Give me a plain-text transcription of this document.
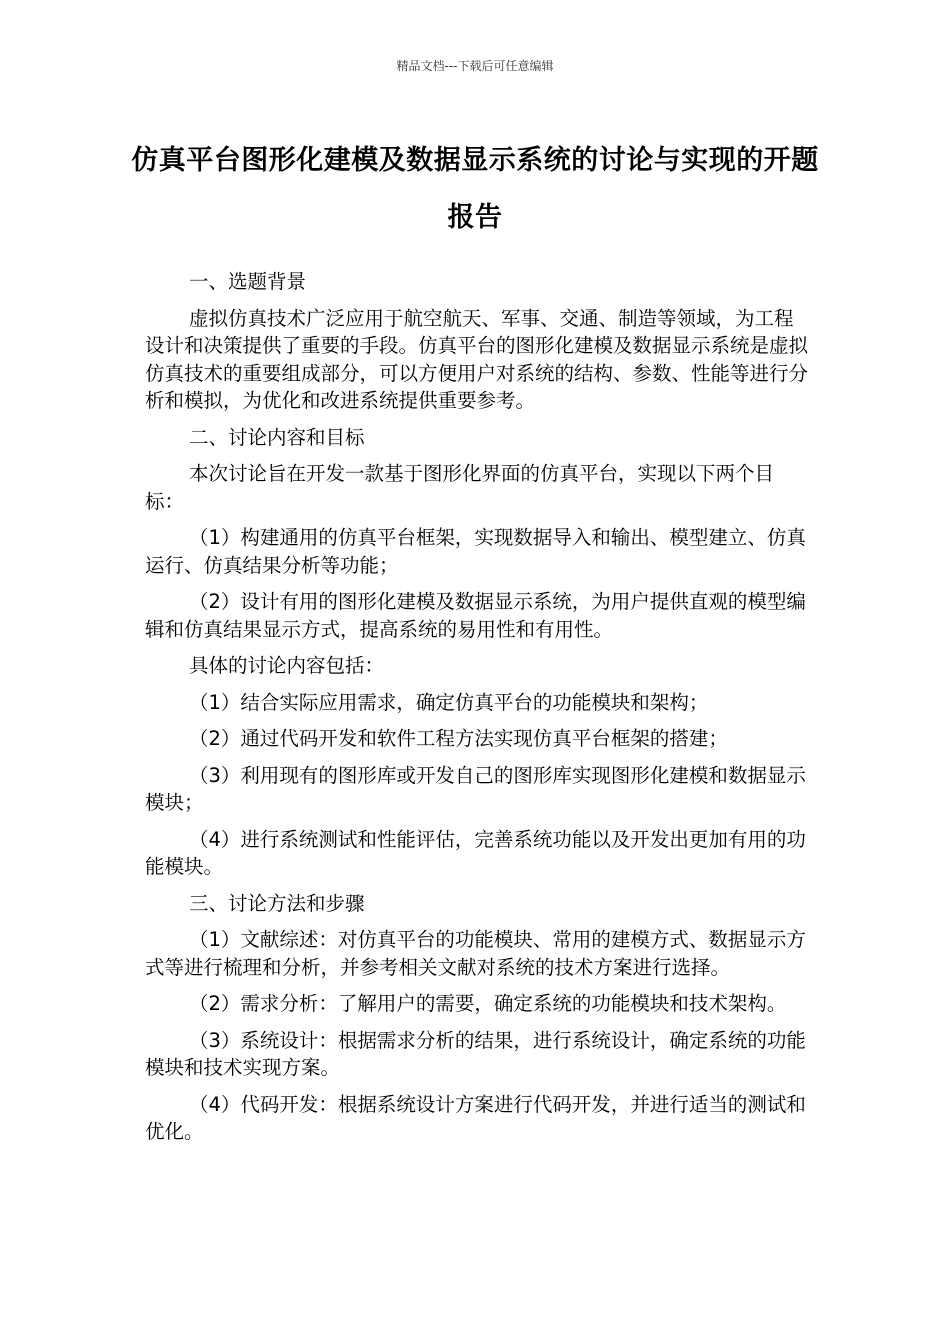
精品文档---下载后可任意编辑
仿真平台图形化建模及数据显示系统的讨论与实现的开题报告

一、选题背景

虚拟仿真技术广泛应用于航空航天、军事、交通、制造等领域，为工程设计和决策提供了重要的手段。仿真平台的图形化建模及数据显示系统是虚拟仿真技术的重要组成部分，可以方便用户对系统的结构、参数、性能等进行分析和模拟，为优化和改进系统提供重要参考。

二、讨论内容和目标

本次讨论旨在开发一款基于图形化界面的仿真平台，实现以下两个目标：

（1）构建通用的仿真平台框架，实现数据导入和输出、模型建立、仿真运行、仿真结果分析等功能；

（2）设计有用的图形化建模及数据显示系统，为用户提供直观的模型编辑和仿真结果显示方式，提高系统的易用性和有用性。

具体的讨论内容包括：

（1）结合实际应用需求，确定仿真平台的功能模块和架构；

（2）通过代码开发和软件工程方法实现仿真平台框架的搭建；

（3）利用现有的图形库或开发自己的图形库实现图形化建模和数据显示模块；

（4）进行系统测试和性能评估，完善系统功能以及开发出更加有用的功能模块。

三、讨论方法和步骤

（1）文献综述：对仿真平台的功能模块、常用的建模方式、数据显示方式等进行梳理和分析，并参考相关文献对系统的技术方案进行选择。

（2）需求分析：了解用户的需要，确定系统的功能模块和技术架构。

（3）系统设计：根据需求分析的结果，进行系统设计，确定系统的功能模块和技术实现方案。

（4）代码开发：根据系统设计方案进行代码开发，并进行适当的测试和优化。
